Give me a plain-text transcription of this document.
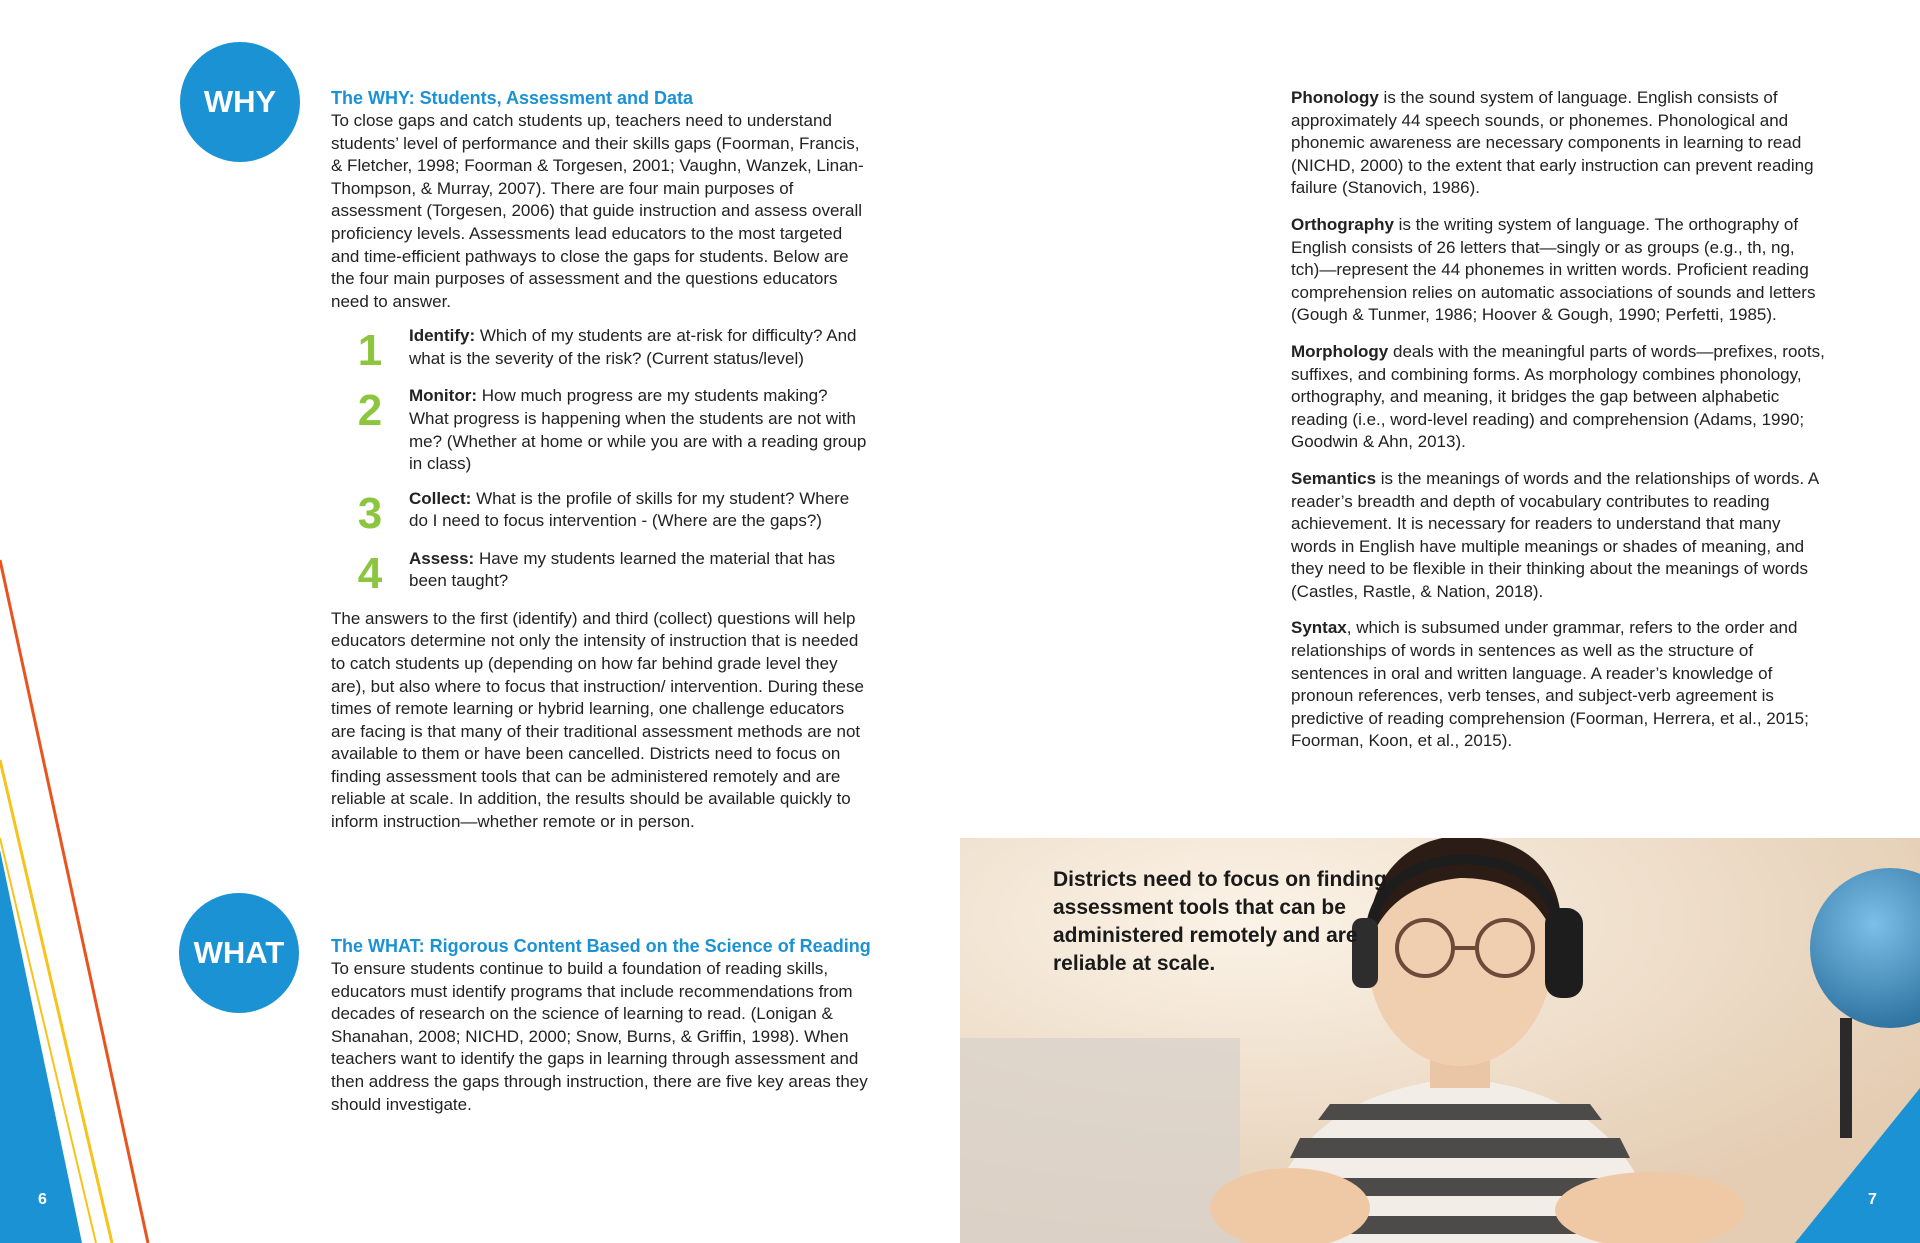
WHY	The WHY: Students, Assessment and Data

To close gaps and catch students up, teachers need to understand students’ level of performance and their skills gaps (Foorman, Francis, & Fletcher, 1998; Foorman & Torgesen, 2001; Vaughn, Wanzek, Linan-Thompson, & Murray, 2007). There are four main purposes of assessment (Torgesen, 2006) that guide instruction and assess overall proficiency levels. Assessments lead educators to the most targeted and time-efficient pathways to close the gaps for students. Below are the four main purposes of assessment and the questions educators need to answer.

1	Identify: Which of my students are at-risk for difficulty? And what is the severity of the risk? (Current status/level)
2	Monitor: How much progress are my students making? What progress is happening when the students are not with me? (Whether at home or while you are with a reading group in class)
3	Collect: What is the profile of skills for my student? Where do I need to focus intervention - (Where are the gaps?)
4	Assess: Have my students learned the material that has been taught?

The answers to the first (identify) and third (collect) questions will help educators determine not only the intensity of instruction that is needed to catch students up (depending on how far behind grade level they are), but also where to focus that instruction/ intervention. During these times of remote learning or hybrid learning, one challenge educators are facing is that many of their traditional assessment methods are not available to them or have been cancelled. Districts need to focus on finding assessment tools that can be administered remotely and are reliable at scale. In addition, the results should be available quickly to inform instruction—whether remote or in person.

WHAT	The WHAT: Rigorous Content Based on the Science of Reading

To ensure students continue to build a foundation of reading skills, educators must identify programs that include recommendations from decades of research on the science of learning to read. (Lonigan & Shanahan, 2008; NICHD, 2000; Snow, Burns, & Griffin, 1998). When teachers want to identify the gaps in learning through assessment and then address the gaps through instruction, there are five key areas they should investigate.

6
Phonology is the sound system of language. English consists of approximately 44 speech sounds, or phonemes. Phonological and phonemic awareness are necessary components in learning to read (NICHD, 2000) to the extent that early instruction can prevent reading failure (Stanovich, 1986).
Orthography is the writing system of language. The orthography of English consists of 26 letters that—singly or as groups (e.g., th, ng, tch)—represent the 44 phonemes in written words. Proficient reading comprehension relies on automatic associations of sounds and letters (Gough & Tunmer, 1986; Hoover & Gough, 1990; Perfetti, 1985).
Morphology deals with the meaningful parts of words—prefixes, roots, suffixes, and combining forms. As morphology combines phonology, orthography, and meaning, it bridges the gap between alphabetic reading (i.e., word-level reading) and comprehension (Adams, 1990; Goodwin & Ahn, 2013).
Semantics is the meanings of words and the relationships of words. A reader’s breadth and depth of vocabulary contributes to reading achievement. It is necessary for readers to understand that many words in English have multiple meanings or shades of meaning, and they need to be flexible in their thinking about the meanings of words (Castles, Rastle, & Nation, 2018).
Syntax, which is subsumed under grammar, refers to the order and relationships of words in sentences as well as the structure of sentences in oral and written language. A reader’s knowledge of pronoun references, verb tenses, and subject-verb agreement is predictive of reading comprehension (Foorman, Herrera, et al., 2015; Foorman, Koon, et al., 2015).
Districts need to focus on finding assessment tools that can be administered remotely and are reliable at scale.
7
